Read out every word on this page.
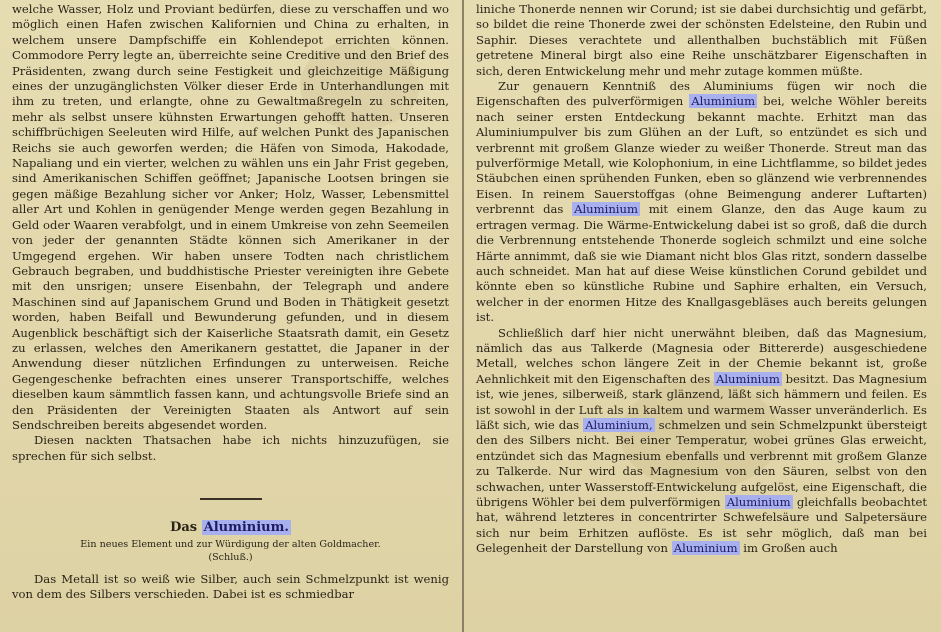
welche Wasser, Holz und Proviant bedürfen, diese zu verschaffen und wo möglich einen Hafen zwischen Kalifornien und China zu erhalten, in welchem unsere Dampfschiffe ein Kohlendepot errichten können. Commodore Perry legte an, überreichte seine Creditive und den Brief des Präsidenten, zwang durch seine Festigkeit und gleichzeitige Mäßigung eines der unzugänglichsten Völker dieser Erde in Unterhandlungen mit ihm zu treten, und erlangte, ohne zu Gewaltmaßregeln zu schreiten, mehr als selbst unsere kühnsten Erwartungen gehofft hatten. Unseren schiffbrüchigen Seeleuten wird Hilfe, auf welchen Punkt des Japanischen Reichs sie auch geworfen werden; die Häfen von Simoda, Hakodade, Napaliang und ein vierter, welchen zu wählen uns ein Jahr Frist gegeben, sind Amerikanischen Schiffen geöffnet; Japanische Lootsen bringen sie gegen mäßige Bezahlung sicher vor Anker; Holz, Wasser, Lebensmittel aller Art und Kohlen in genügender Menge werden gegen Bezahlung in Geld oder Waaren verabfolgt, und in einem Umkreise von zehn Seemeilen von jeder der genannten Städte können sich Amerikaner in der Umgegend ergehen. Wir haben unsere Todten nach christlichem Gebrauch begraben, und buddhistische Priester vereinigten ihre Gebete mit den unsrigen; unsere Eisenbahn, der Telegraph und andere Maschinen sind auf Japanischem Grund und Boden in Thätigkeit gesetzt worden, haben Beifall und Bewunderung gefunden, und in diesem Augenblick beschäftigt sich der Kaiserliche Staatsrath damit, ein Gesetz zu erlassen, welches den Amerikanern gestattet, die Japaner in der Anwendung dieser nützlichen Erfindungen zu unterweisen. Reiche Gegengeschenke befrachten eines unserer Transportschiffe, welches dieselben kaum sämmtlich fassen kann, und achtungsvolle Briefe sind an den Präsidenten der Vereinigten Staaten als Antwort auf sein Sendschreiben bereits abgesendet worden.

Diesen nackten Thatsachen habe ich nichts hinzuzufügen, sie sprechen für sich selbst.

Das Aluminium.

Ein neues Element und zur Würdigung der alten Goldmacher.

(Schluß.)

Das Metall ist so weiß wie Silber, auch sein Schmelzpunkt ist wenig von dem des Silbers verschieden. Dabei ist es schmiedbar

liniche Thonerde nennen wir Corund; ist sie dabei durchsichtig und gefärbt, so bildet die reine Thonerde zwei der schönsten Edelsteine, den Rubin und Saphir. Dieses verachtete und allenthalben buchstäblich mit Füßen getretene Mineral birgt also eine Reihe unschätzbarer Eigenschaften in sich, deren Entwickelung mehr und mehr zutage kommen müßte.

Zur genauern Kenntniß des Aluminiums fügen wir noch die Eigenschaften des pulverförmigen Aluminium bei, welche Wöhler bereits nach seiner ersten Entdeckung bekannt machte. Erhitzt man das Aluminiumpulver bis zum Glühen an der Luft, so entzündet es sich und verbrennt mit großem Glanze wieder zu weißer Thonerde. Streut man das pulverförmige Metall, wie Kolophonium, in eine Lichtflamme, so bildet jedes Stäubchen einen sprühenden Funken, eben so glänzend wie verbrennendes Eisen. In reinem Sauerstoffgas (ohne Beimengung anderer Luftarten) verbrennt das Aluminium mit einem Glanze, den das Auge kaum zu ertragen vermag. Die Wärme-Entwickelung dabei ist so groß, daß die durch die Verbrennung entstehende Thonerde sogleich schmilzt und eine solche Härte annimmt, daß sie wie Diamant nicht blos Glas ritzt, sondern dasselbe auch schneidet. Man hat auf diese Weise künstlichen Corund gebildet und könnte eben so künstliche Rubine und Saphire erhalten, ein Versuch, welcher in der enormen Hitze des Knallgasgebläses auch bereits gelungen ist.

Schließlich darf hier nicht unerwähnt bleiben, daß das Magnesium, nämlich das aus Talkerde (Magnesia oder Bittererde) ausgeschiedene Metall, welches schon längere Zeit in der Chemie bekannt ist, große Aehnlichkeit mit den Eigenschaften des Aluminium besitzt. Das Magnesium ist, wie jenes, silberweiß, stark glänzend, läßt sich hämmern und feilen. Es ist sowohl in der Luft als in kaltem und warmem Wasser unveränderlich. Es läßt sich, wie das Aluminium, schmelzen und sein Schmelzpunkt übersteigt den des Silbers nicht. Bei einer Temperatur, wobei grünes Glas erweicht, entzündet sich das Magnesium ebenfalls und verbrennt mit großem Glanze zu Talkerde. Nur wird das Magnesium von den Säuren, selbst von den schwachen, unter Wasserstoff-Entwickelung aufgelöst, eine Eigenschaft, die übrigens Wöhler bei dem pulverförmigen Aluminium gleichfalls beobachtet hat, während letzteres in concentrirter Schwefelsäure und Salpetersäure sich nur beim Erhitzen auflöste. Es ist sehr möglich, daß man bei Gelegenheit der Darstellung von Aluminium im Großen auch
